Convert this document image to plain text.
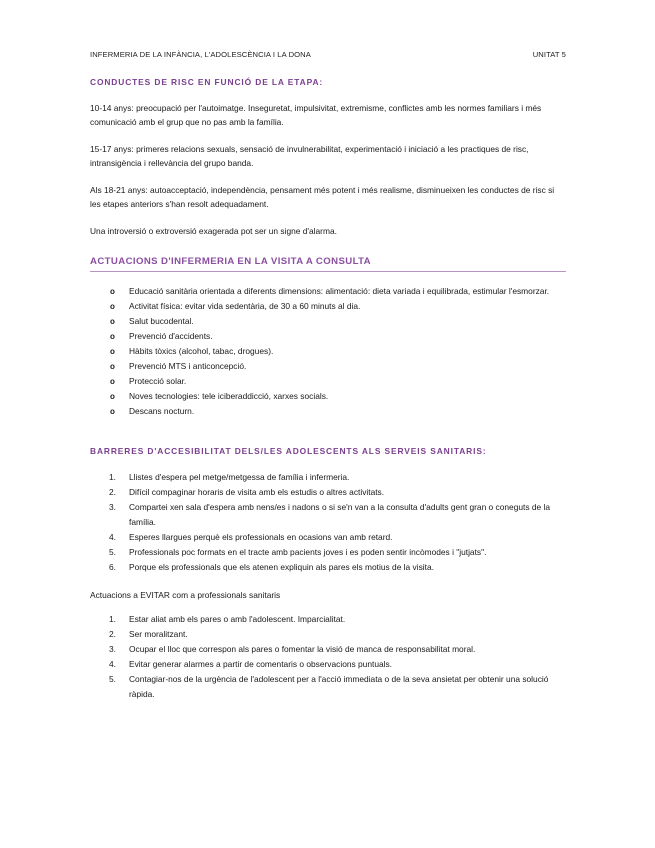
INFERMERIA DE LA INFÀNCIA, L'ADOLESCÈNCIA I LA DONA	UNITAT 5
CONDUCTES DE RISC EN FUNCIÓ DE LA ETAPA:

10-14 anys: preocupació per l'autoimatge. Inseguretat, impulsivitat, extremisme, conflictes amb les normes familiars i més comunicació amb el grup que no pas amb la família.

15-17 anys: primeres relacions sexuals, sensació de invulnerabilitat, experimentació i iniciació a les practiques de risc, intransigència i rellevància del grupo banda.

Als 18-21 anys: autoacceptació, independència, pensament més potent i més realisme, disminueixen les conductes de risc si les etapes anteriors s'han resolt adequadament.

Una introversió o extroversió exagerada pot ser un signe d'alarma.

ACTUACIONS D'INFERMERIA EN LA VISITA A CONSULTA
o Educació sanitària orientada a diferents dimensions: alimentació: dieta variada i equilibrada, estimular l'esmorzar.
o Activitat física: evitar vida sedentària, de 30 a 60 minuts al dia.
o Salut bucodental.
o Prevenció d'accidents.
o Hàbits tòxics (alcohol, tabac, drogues).
o Prevenció MTS i anticoncepció.
o Protecció solar.
o Noves tecnologies: tele iciberaddicció, xarxes socials.
o Descans nocturn.
BARRERES D'ACCESIBILITAT DELS/LES ADOLESCENTS ALS SERVEIS SANITARIS:
1. Llistes d'espera pel metge/metgessa de família i infermeria.
2. Difícil compaginar horaris de visita amb els estudis o altres activitats.
3. Compartei xen sala d'espera amb nens/es i nadons o si se'n van a la consulta d'adults gent gran o coneguts de la família.
4. Esperes llargues perquè els professionals en ocasions van amb retard.
5. Professionals poc formats en el tracte amb pacients joves i es poden sentir incòmodes i "jutjats".
6. Porque els professionals que els atenen expliquin als pares els motius de la visita.

Actuacions a EVITAR com a professionals sanitaris

1. Estar aliat amb els pares o amb l'adolescent. Imparcialitat.
2. Ser moralitzant.
3. Ocupar el lloc que correspon als pares o fomentar la visió de manca de responsabilitat moral.
4. Evitar generar alarmes a partir de comentaris o observacions puntuals.
5. Contagiar-nos de la urgència de l'adolescent per a l'acció immediata o de la seva ansietat per obtenir una solució ràpida.
